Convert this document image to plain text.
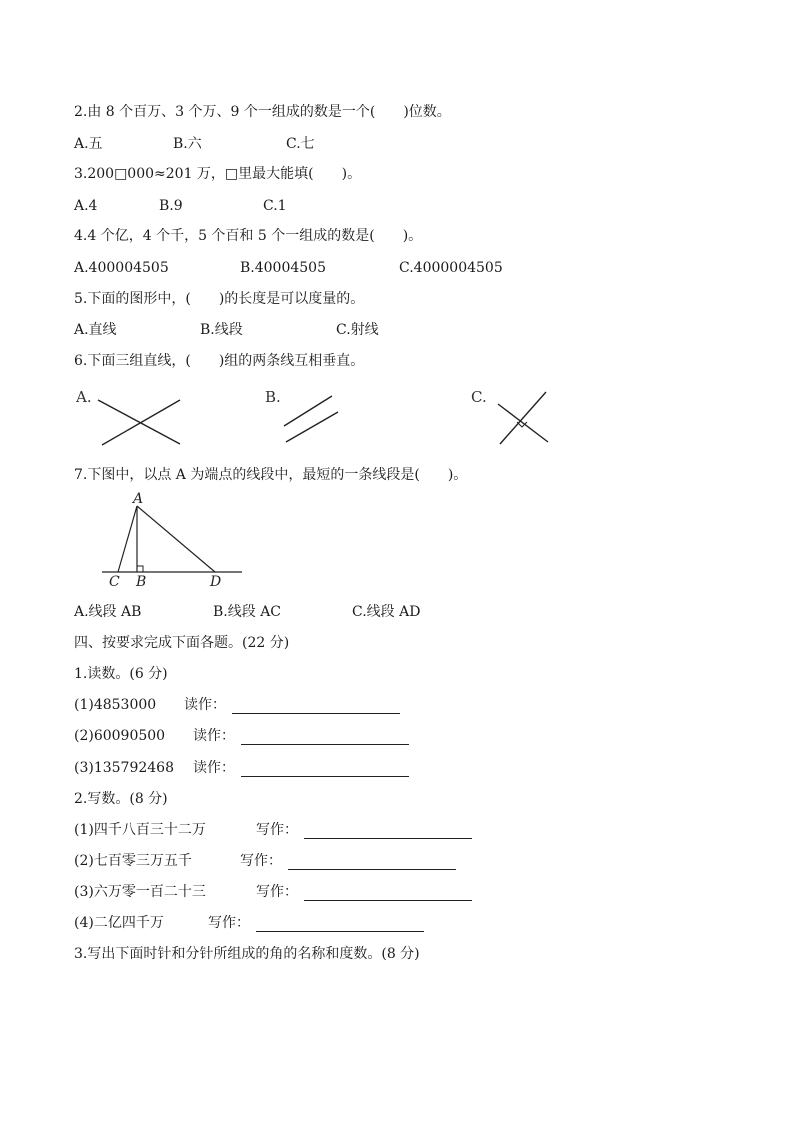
2.由 8 个百万、3 个万、9 个一组成的数是一个(　　)位数。
A.五	B.六	C.七
3.200□000≈201 万，□里最大能填(　　)。
A.4	B.9	C.1
4.4 个亿，4 个千，5 个百和 5 个一组成的数是(　　)。
A.400004505	B.40004505	C.4000004505
5.下面的图形中，(　　)的长度是可以度量的。
A.直线	B.线段	C.射线
6.下面三组直线，(　　)组的两条线互相垂直。
A.	B.	C.
7.下图中，以点 A 为端点的线段中，最短的一条线段是(　　)。
A
C B	D
A.线段 AB	B.线段 AC	C.线段 AD
四、按要求完成下面各题。(22 分)
1.读数。(6 分)
(1)4853000 读作：
(2)60090500 读作：
(3)135792468 读作：
2.写数。(8 分)
(1)四千八百三十二万	写作：
(2)七百零三万五千	写作：
(3)六万零一百二十三	写作：
(4)二亿四千万	写作：
3.写出下面时针和分针所组成的角的名称和度数。(8 分)
